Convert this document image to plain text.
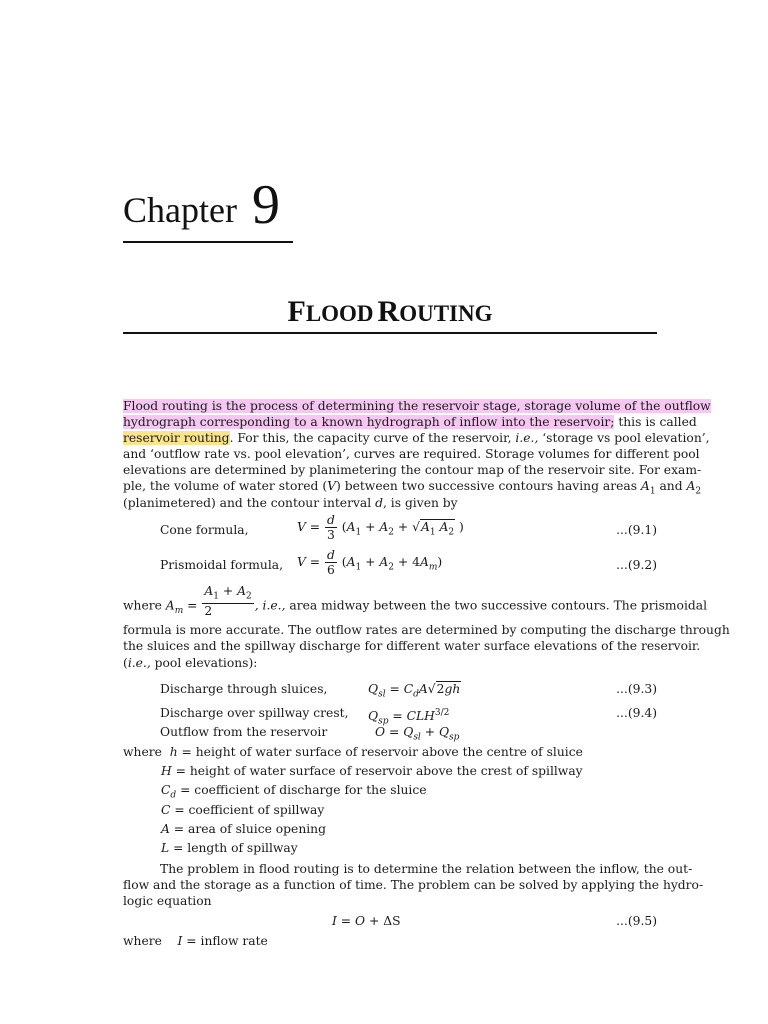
Chapter 9
FLOOD ROUTING
Flood routing is the process of determining the reservoir stage, storage volume of the outflow
hydrograph corresponding to a known hydrograph of inflow into the reservoir; this is called
reservoir routing. For this, the capacity curve of the reservoir, i.e., ‘storage vs pool elevation’,
and ‘outflow rate vs. pool elevation’, curves are required. Storage volumes for different pool
elevations are determined by planimetering the contour map of the reservoir site. For exam-
ple, the volume of water stored (V) between two successive contours having areas $A_1$ and $A_2$
(planimetered) and the contour interval d, is given by
Cone formula,	$V = \frac{d}{3} (A_1 + A_2 + √A_1$ $A_2$ )	...(9.1)
Prismoidal formula, $V = \frac{d}{6} (A_1 + A_2 + 4A_m)$	...(9.2)
where $A_m = \frac{A_1 + A_2}{2}$ , i.e., area midway between the two successive contours. The prismoidal
formula is more accurate. The outflow rates are determined by computing the discharge through
the sluices and the spillway discharge for different water surface elevations of the reservoir.
(i.e., pool elevations):
Discharge through sluices,	$Q_{sl} = C_dA√2gh$	...(9.3)
Discharge over spillway crest, $Q_{sp} = CLH^{3/2}$	...(9.4)
Outflow from the reservoir	$O = Q_{sl} + Q_{sp}$
where h = height of water surface of reservoir above the centre of sluice
H = height of water surface of reservoir above the crest of spillway
$C_d$ = coefficient of discharge for the sluice
C = coefficient of spillway
A = area of sluice opening
L = length of spillway
The problem in flood routing is to determine the relation between the inflow, the out-
flow and the storage as a function of time. The problem can be solved by applying the hydro-
logic equation
I = O + ΔS	...(9.5)
where I = inflow rate
